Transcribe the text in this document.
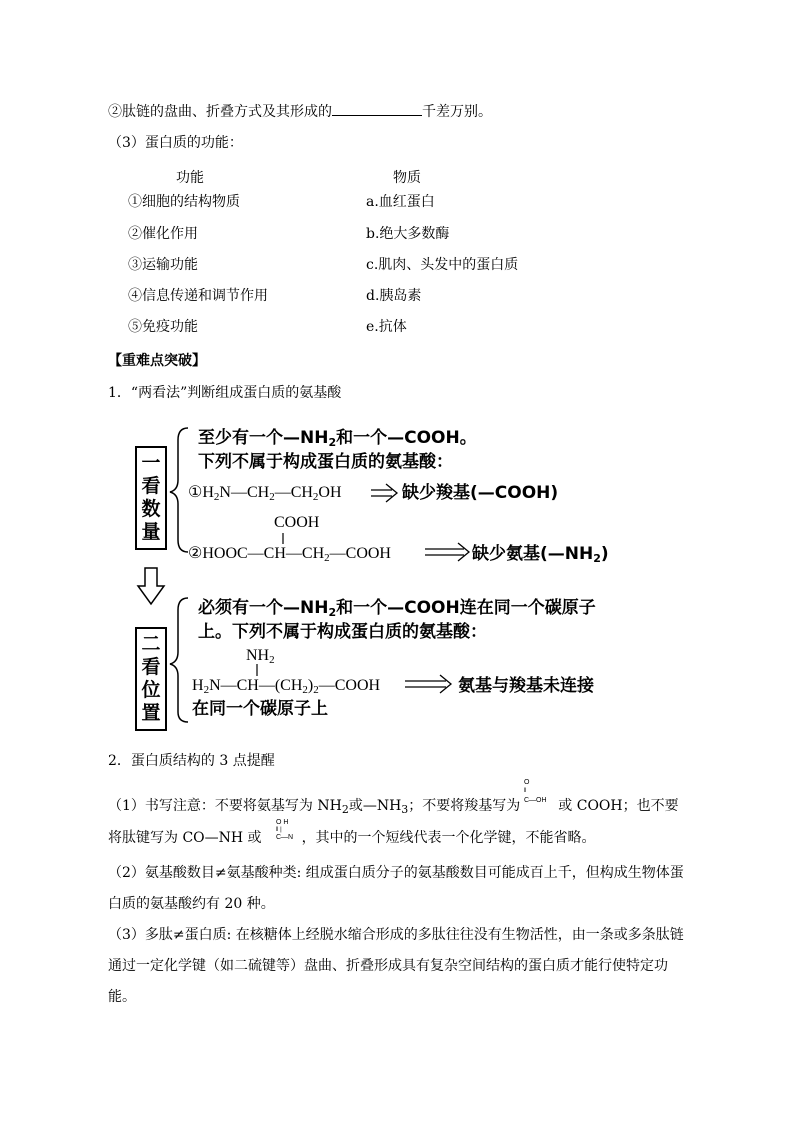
②肽链的盘曲、折叠方式及其形成的	千差万别。
（3）蛋白质的功能：
功能	物质
①细胞的结构物质	a.血红蛋白
②催化作用	b.绝大多数酶
③运输功能	c.肌肉、头发中的蛋白质
④信息传递和调节作用	d.胰岛素
⑤免疫功能	e.抗体
【重难点突破】
1．“两看法”判断组成蛋白质的氨基酸
一
看
数
量
二
看
位
置
至少有一个$—NH_2$和一个—COOH。
下列不属于构成蛋白质的氨基酸：
$①H_2N—CH_2—CH_2OH$	缺少羧基(—COOH)
COOH
$②HOOC—CH—CH_2—COOH$	缺少氨基$(—NH_2)$
必须有一个$—NH_2$和一个—COOH连在同一个碳原子
上。下列不属于构成蛋白质的氨基酸：
$NH_2$
$H_2N—CH—(CH_2)_2—COOH$	氨基与羧基未连接
在同一个碳原子上
2．蛋白质结构的 3 点提醒
（1）书写注意：不要将氨基写为 $NH_2$或$—NH_3$；不要将羧基写为	或 COOH；也不要
O
‖
C—OH
将肽键写为 CO—NH 或	，其中的一个短线代表一个化学键，不能省略。
O H
‖ |
C—N
（2）氨基酸数目≠氨基酸种类: 组成蛋白质分子的氨基酸数目可能成百上千，但构成生物体蛋白质的氨基酸约有 20 种。
（3）多肽≠蛋白质: 在核糖体上经脱水缩合形成的多肽往往没有生物活性，由一条或多条肽链通过一定化学键（如二硫键等）盘曲、折叠形成具有复杂空间结构的蛋白质才能行使特定功能。
